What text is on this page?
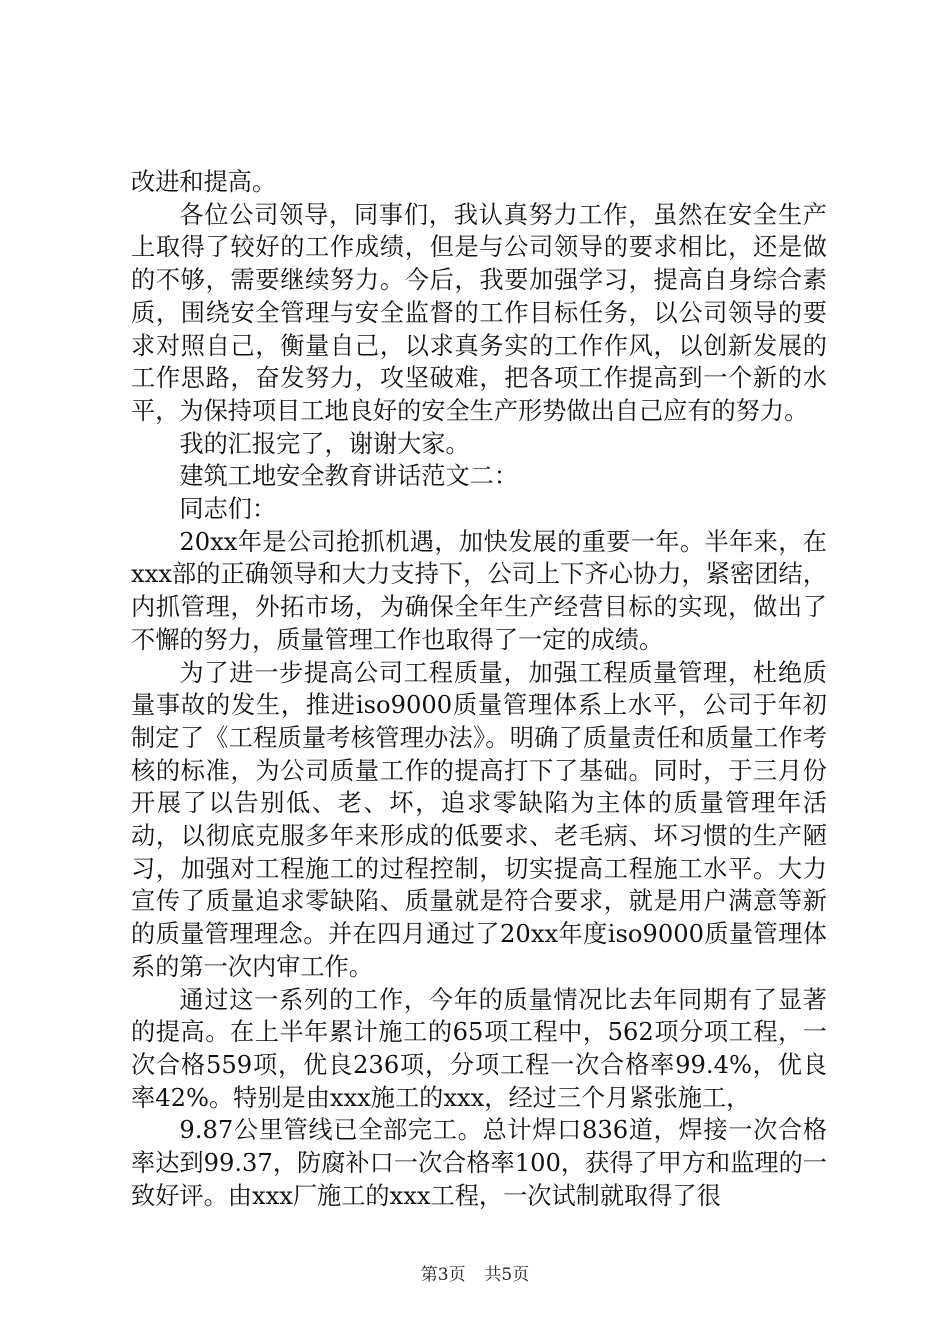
改进和提高。

各位公司领导，同事们，我认真努力工作，虽然在安全生产上取得了较好的工作成绩，但是与公司领导的要求相比，还是做的不够，需要继续努力。今后，我要加强学习，提高自身综合素质，围绕安全管理与安全监督的工作目标任务，以公司领导的要求对照自己，衡量自己，以求真务实的工作作风，以创新发展的工作思路，奋发努力，攻坚破难，把各项工作提高到一个新的水平，为保持项目工地良好的安全生产形势做出自己应有的努力。

我的汇报完了，谢谢大家。

建筑工地安全教育讲话范文二：

同志们：

20xx年是公司抢抓机遇，加快发展的重要一年。半年来，在xxx部的正确领导和大力支持下，公司上下齐心协力，紧密团结，内抓管理，外拓市场，为确保全年生产经营目标的实现，做出了不懈的努力，质量管理工作也取得了一定的成绩。

为了进一步提高公司工程质量，加强工程质量管理，杜绝质量事故的发生，推进iso9000质量管理体系上水平，公司于年初制定了《工程质量考核管理办法》。明确了质量责任和质量工作考核的标准，为公司质量工作的提高打下了基础。同时，于三月份开展了以告别低、老、坏，追求零缺陷为主体的质量管理年活动，以彻底克服多年来形成的低要求、老毛病、坏习惯的生产陋习，加强对工程施工的过程控制，切实提高工程施工水平。大力宣传了质量追求零缺陷、质量就是符合要求，就是用户满意等新的质量管理理念。并在四月通过了20xx年度iso9000质量管理体系的第一次内审工作。

通过这一系列的工作，今年的质量情况比去年同期有了显著的提高。在上半年累计施工的65项工程中，562项分项工程，一次合格559项，优良236项，分项工程一次合格率99.4%，优良率42%。特别是由xxx施工的xxx，经过三个月紧张施工，

9.87公里管线已全部完工。总计焊口836道，焊接一次合格率达到99.37，防腐补口一次合格率100，获得了甲方和监理的一致好评。由xxx厂施工的xxx工程，一次试制就取得了很

第3页 共5页
